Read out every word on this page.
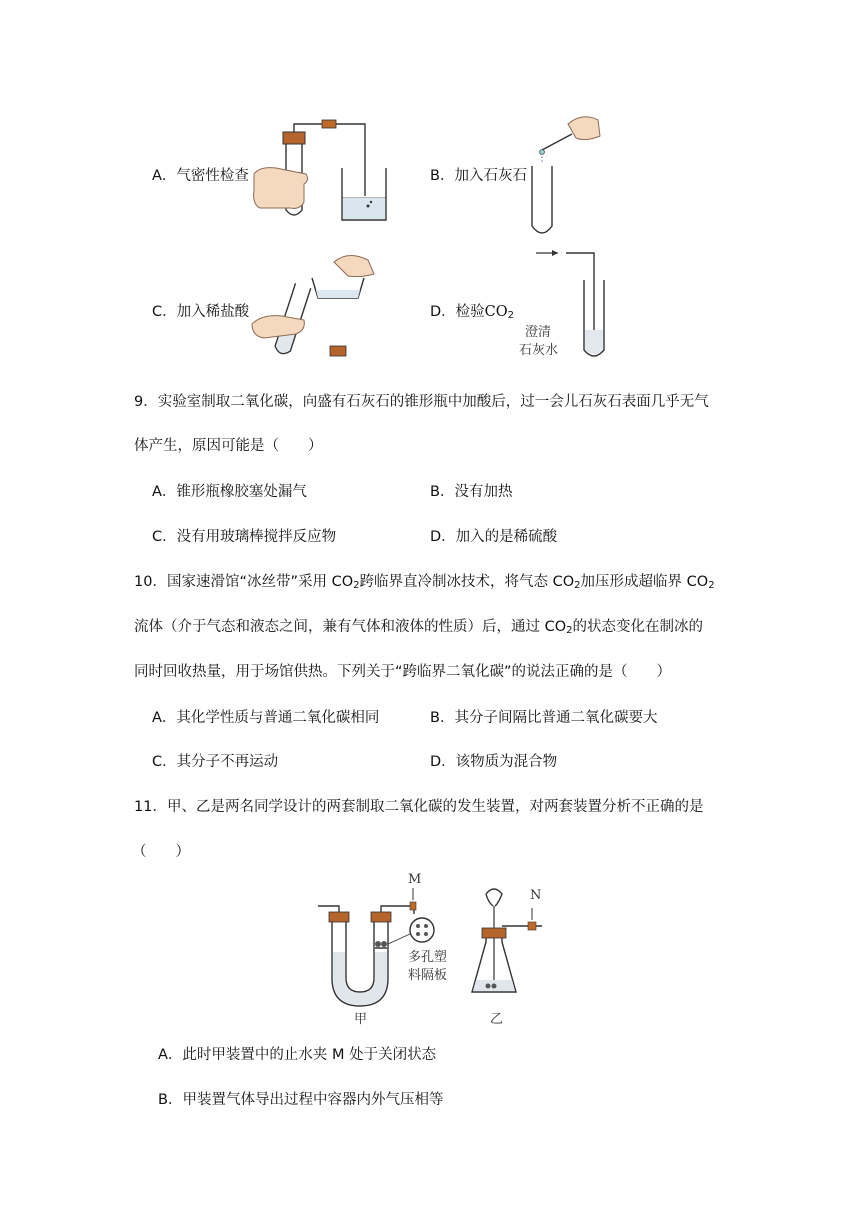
A．气密性检查	B．加入石灰石
C．加入稀盐酸	D．检验$CO_2$
澄清
石灰水
9．实验室制取二氧化碳，向盛有石灰石的锥形瓶中加酸后，过一会儿石灰石表面几乎无气
体产生，原因可能是（　　）
A．锥形瓶橡胶塞处漏气	B．没有加热
C．没有用玻璃棒搅拌反应物	D．加入的是稀硫酸
10．国家速滑馆“冰丝带”采用 $CO_2$跨临界直冷制冰技术，将气态 $CO_2$加压形成超临界 $CO_2$
流体（介于气态和液态之间，兼有气体和液体的性质）后，通过 $CO_2$的状态变化在制冰的
同时回收热量，用于场馆供热。下列关于“跨临界二氧化碳”的说法正确的是（　　）
A．其化学性质与普通二氧化碳相同	B．其分子间隔比普通二氧化碳要大
C．其分子不再运动	D．该物质为混合物
11．甲、乙是两名同学设计的两套制取二氧化碳的发生装置，对两套装置分析不正确的是
（　　）
M
多孔塑
料隔板
甲
N
乙
A．此时甲装置中的止水夹 M 处于关闭状态
B．甲装置气体导出过程中容器内外气压相等
